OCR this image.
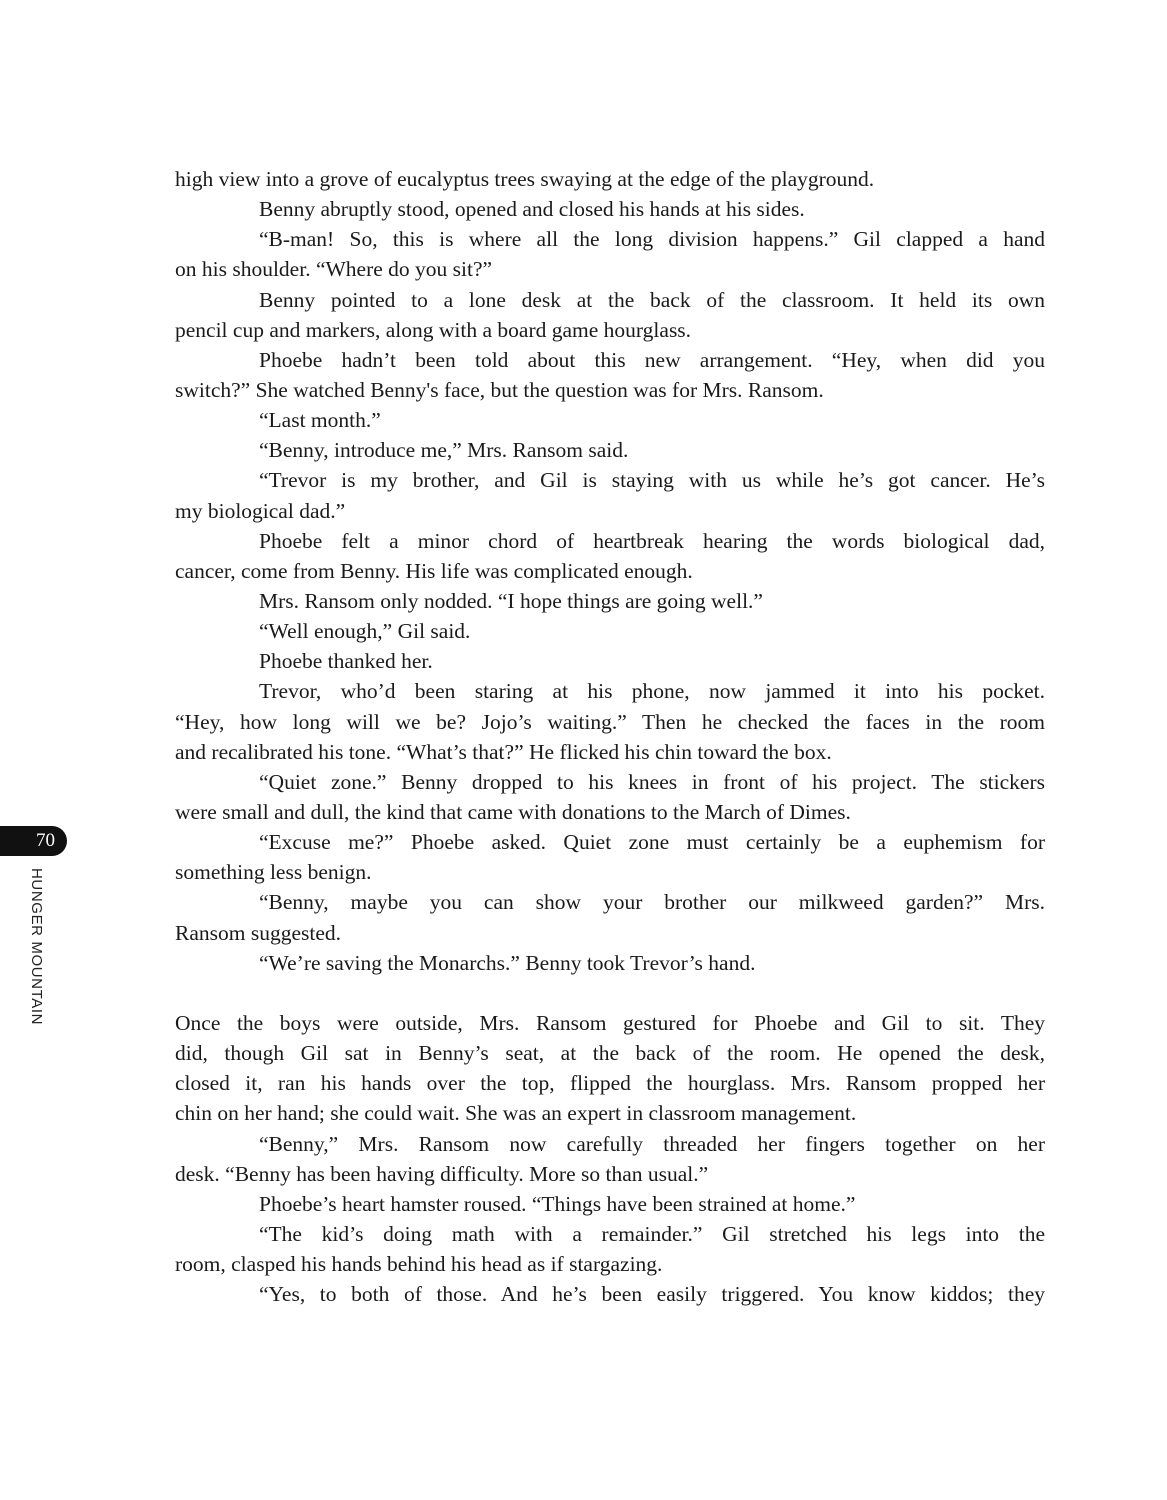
high view into a grove of eucalyptus trees swaying at the edge of the playground.
Benny abruptly stood, opened and closed his hands at his sides.
“B-man! So, this is where all the long division happens.” Gil clapped a hand
on his shoulder. “Where do you sit?”
Benny pointed to a lone desk at the back of the classroom. It held its own
pencil cup and markers, along with a board game hourglass.
Phoebe hadn’t been told about this new arrangement. “Hey, when did you
switch?” She watched Benny's face, but the question was for Mrs. Ransom.
“Last month.”
“Benny, introduce me,” Mrs. Ransom said.
“Trevor is my brother, and Gil is staying with us while he’s got cancer. He’s
my biological dad.”
Phoebe felt a minor chord of heartbreak hearing the words biological dad,
cancer, come from Benny. His life was complicated enough.
Mrs. Ransom only nodded. “I hope things are going well.”
“Well enough,” Gil said.
Phoebe thanked her.
Trevor, who’d been staring at his phone, now jammed it into his pocket.
“Hey, how long will we be? Jojo’s waiting.” Then he checked the faces in the room
and recalibrated his tone. “What’s that?” He flicked his chin toward the box.
“Quiet zone.” Benny dropped to his knees in front of his project. The stickers
were small and dull, the kind that came with donations to the March of Dimes.
“Excuse me?” Phoebe asked. Quiet zone must certainly be a euphemism for
something less benign.
“Benny, maybe you can show your brother our milkweed garden?” Mrs.
Ransom suggested.
“We’re saving the Monarchs.” Benny took Trevor’s hand.
Once the boys were outside, Mrs. Ransom gestured for Phoebe and Gil to sit. They
did, though Gil sat in Benny’s seat, at the back of the room. He opened the desk,
closed it, ran his hands over the top, flipped the hourglass. Mrs. Ransom propped her
chin on her hand; she could wait. She was an expert in classroom management.
“Benny,” Mrs. Ransom now carefully threaded her fingers together on her
desk. “Benny has been having difficulty. More so than usual.”
Phoebe’s heart hamster roused. “Things have been strained at home.”
“The kid’s doing math with a remainder.” Gil stretched his legs into the
room, clasped his hands behind his head as if stargazing.
“Yes, to both of those. And he’s been easily triggered. You know kiddos; they
70
HUNGER MOUNTAIN
